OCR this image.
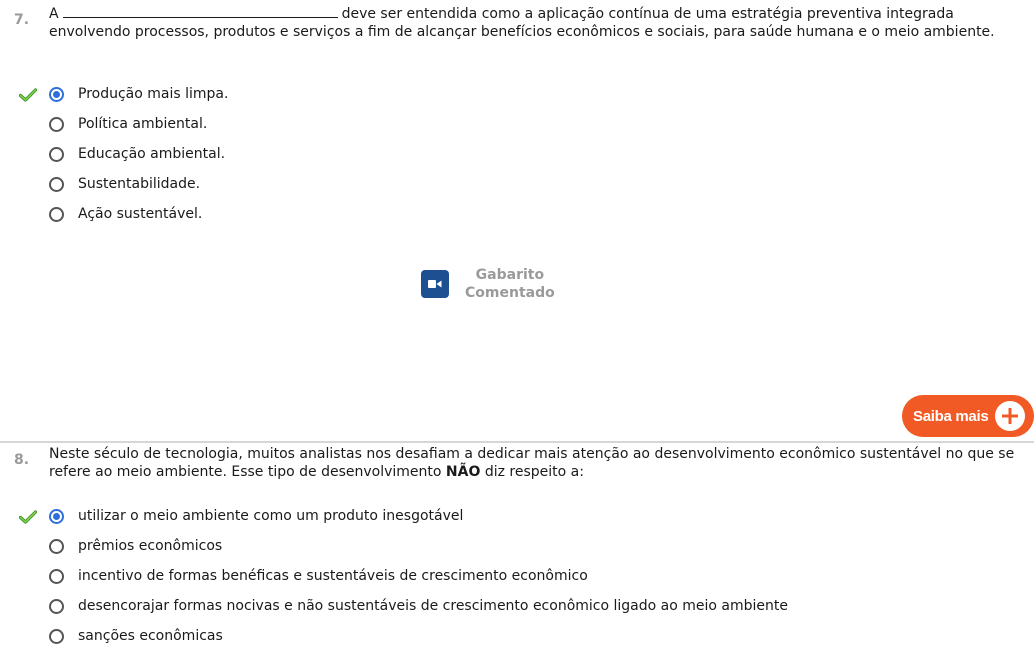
7. A	deve ser entendida como a aplicação contínua de uma estratégia preventiva integrada envolvendo processos, produtos e serviços a fim de alcançar benefícios econômicos e sociais, para saúde humana e o meio ambiente.
Produção mais limpa.
Política ambiental.
Educação ambiental.
Sustentabilidade.
Ação sustentável.
Gabarito
Comentado
Saiba mais
8. Neste século de tecnologia, muitos analistas nos desafiam a dedicar mais atenção ao desenvolvimento econômico sustentável no que se refere ao meio ambiente. Esse tipo de desenvolvimento NÃO diz respeito a:
utilizar o meio ambiente como um produto inesgotável
prêmios econômicos
incentivo de formas benéficas e sustentáveis de crescimento econômico
desencorajar formas nocivas e não sustentáveis de crescimento econômico ligado ao meio ambiente
sanções econômicas
